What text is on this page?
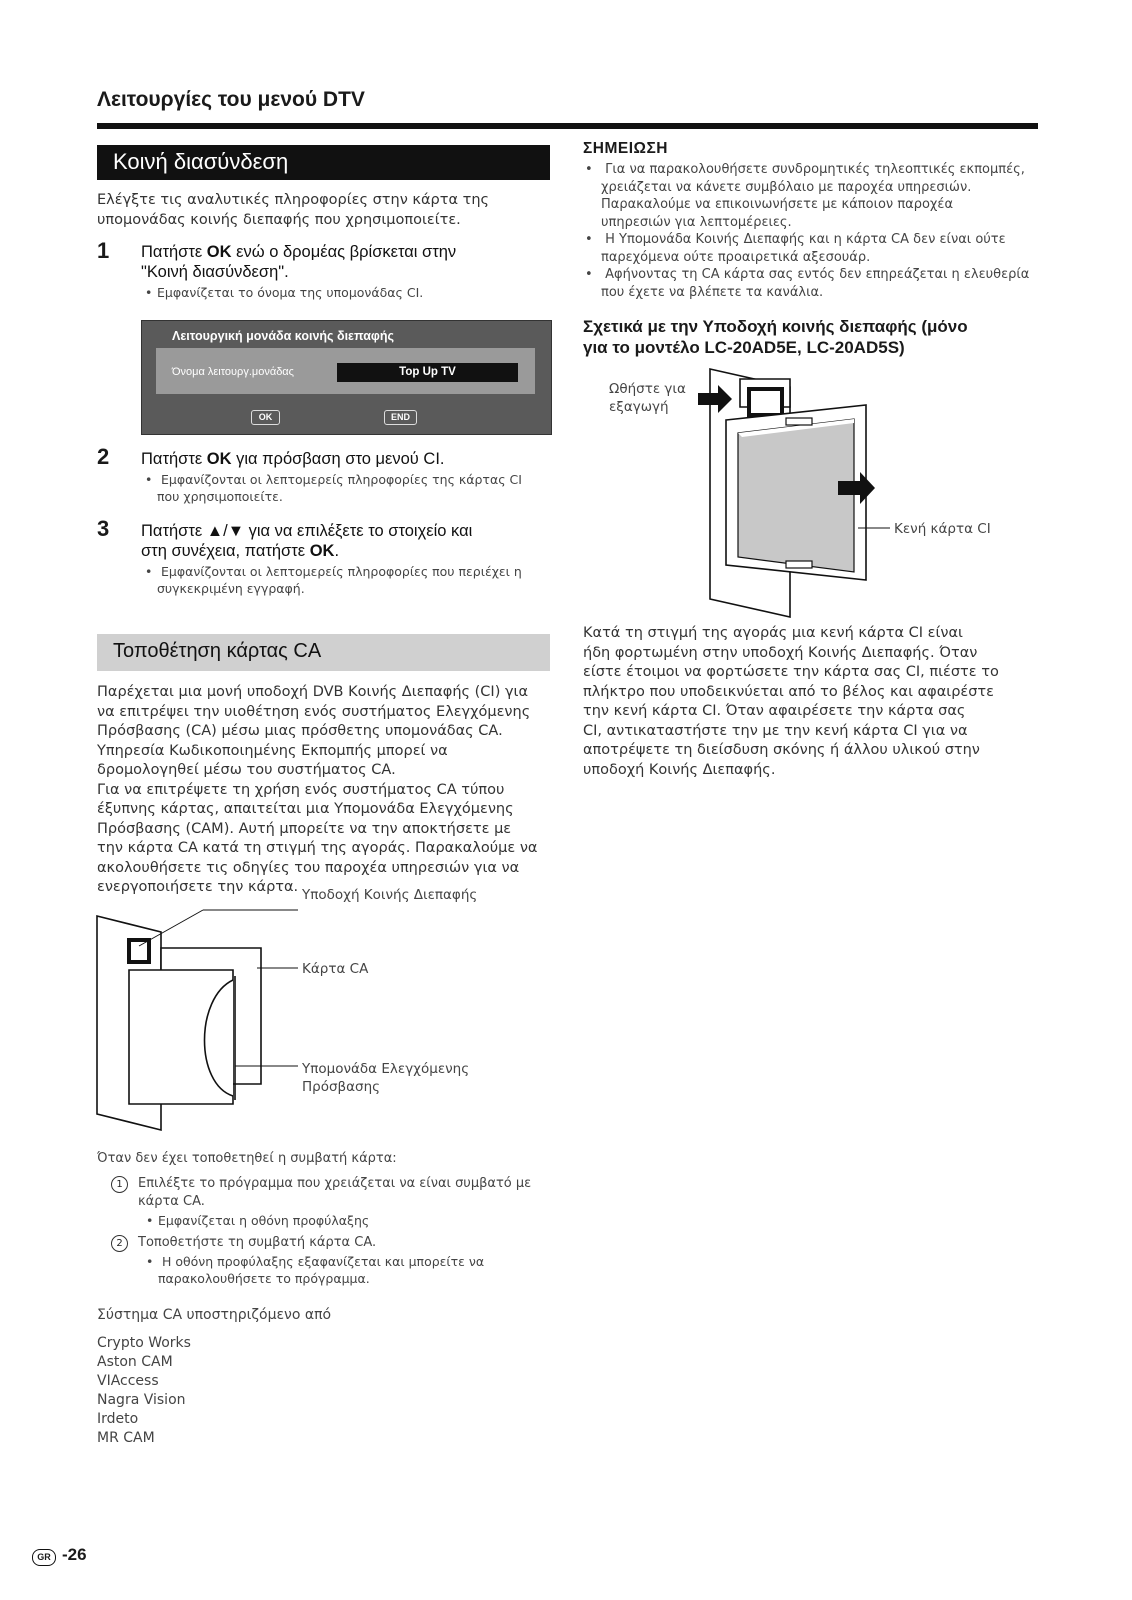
Λειτουργίες του μενού DTV
Κοινή διασύνδεση
Ελέγξτε τις αναλυτικές πληροφορίες στην κάρτα της
υπομονάδας κοινής διεπαφής που χρησιμοποιείτε.
1 Πατήστε OK ενώ ο δρομέας βρίσκεται στην
"Κοινή διασύνδεση".
• Εμφανίζεται το όνομα της υπομονάδας CI.
Λειτουργική μονάδα κοινής διεπαφής
Όνομα λειτουργ.μονάδας	Top Up TV
OK	END
2 Πατήστε OK για πρόσβαση στο μενού CI.
• Εμφανίζονται οι λεπτομερείς πληροφορίες της κάρτας CI
που χρησιμοποιείτε.
3 Πατήστε ▲/▼ για να επιλέξετε το στοιχείο και
στη συνέχεια, πατήστε OK.
• Εμφανίζονται οι λεπτομερείς πληροφορίες που περιέχει η
συγκεκριμένη εγγραφή.
Τοποθέτηση κάρτας CA
Παρέχεται μια μονή υποδοχή DVB Κοινής Διεπαφής (CI) για
να επιτρέψει την υιοθέτηση ενός συστήματος Ελεγχόμενης
Πρόσβασης (CA) μέσω μιας πρόσθετης υπομονάδας CA.
Υπηρεσία Κωδικοποιημένης Εκπομπής μπορεί να
δρομολογηθεί μέσω του συστήματος CA.
Για να επιτρέψετε τη χρήση ενός συστήματος CA τύπου
έξυπνης κάρτας, απαιτείται μια Υπομονάδα Ελεγχόμενης
Πρόσβασης (CAM). Αυτή μπορείτε να την αποκτήσετε με
την κάρτα CA κατά τη στιγμή της αγοράς. Παρακαλούμε να
ακολουθήσετε τις οδηγίες του παροχέα υπηρεσιών για να
ενεργοποιήσετε την κάρτα. Υποδοχή Κοινής Διεπαφής
Κάρτα CA
Υπομονάδα Ελεγχόμενης
Πρόσβασης
Όταν δεν έχει τοποθετηθεί η συμβατή κάρτα:
1 Επιλέξτε το πρόγραμμα που χρειάζεται να είναι συμβατό με
κάρτα CA.
• Εμφανίζεται η οθόνη προφύλαξης
2 Τοποθετήστε τη συμβατή κάρτα CA.
• Η οθόνη προφύλαξης εξαφανίζεται και μπορείτε να
παρακολουθήσετε το πρόγραμμα.
Σύστημα CA υποστηριζόμενο από
Crypto Works
Aston CAM
VIAccess
Nagra Vision
Irdeto
MR CAM
ΣΗΜΕΙΩΣΗ
• Για να παρακολουθήσετε συνδρομητικές τηλεοπτικές εκπομπές,
χρειάζεται να κάνετε συμβόλαιο με παροχέα υπηρεσιών.
Παρακαλούμε να επικοινωνήσετε με κάποιον παροχέα
υπηρεσιών για λεπτομέρειες.
• Η Υπομονάδα Κοινής Διεπαφής και η κάρτα CA δεν είναι ούτε
παρεχόμενα ούτε προαιρετικά αξεσουάρ.
• Αφήνοντας τη CA κάρτα σας εντός δεν επηρεάζεται η ελευθερία
που έχετε να βλέπετε τα κανάλια.
Σχετικά με την Υποδοχή κοινής διεπαφής (μόνο
για το μοντέλο LC-20AD5E, LC-20AD5S)
Ωθήστε για
εξαγωγή
Κενή κάρτα CI
Κατά τη στιγμή της αγοράς μια κενή κάρτα CI είναι
ήδη φορτωμένη στην υποδοχή Κοινής Διεπαφής. Όταν
είστε έτοιμοι να φορτώσετε την κάρτα σας CI, πιέστε το
πλήκτρο που υποδεικνύεται από το βέλος και αφαιρέστε
την κενή κάρτα CI. Όταν αφαιρέσετε την κάρτα σας
CI, αντικαταστήστε την με την κενή κάρτα CI για να
αποτρέψετε τη διείσδυση σκόνης ή άλλου υλικού στην
υποδοχή Κοινής Διεπαφής.
GR -26
